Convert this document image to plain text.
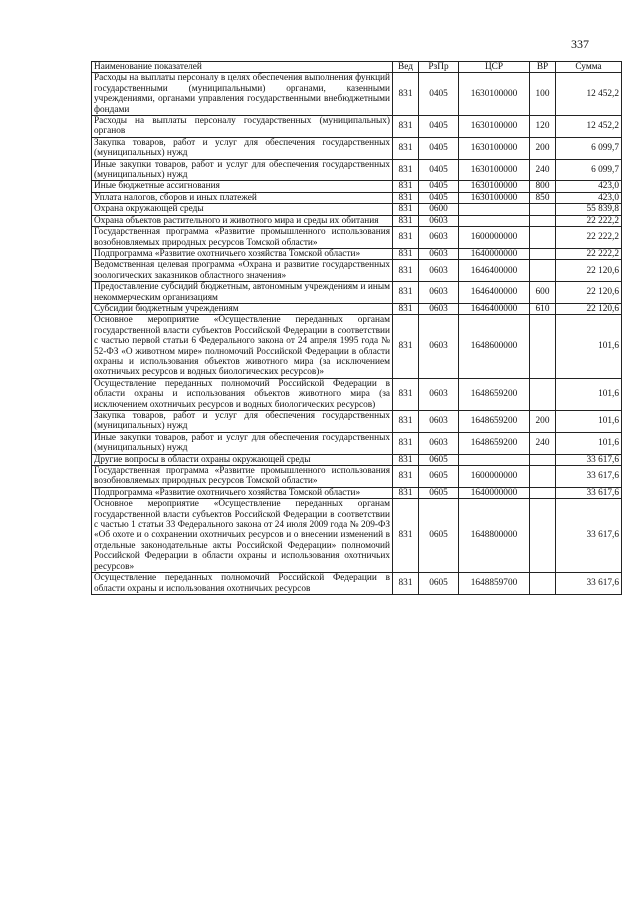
337
Наименование показателей	Вед	РзПр	ЦСР	ВР	Сумма
Расходы на выплаты персоналу в целях обеспечения выполнения функций государственными (муниципальными) органами, казенными учреждениями, органами управления государственными внебюджетными фондами	831	0405	1630100000	100	12 452,2
Расходы на выплаты персоналу государственных (муниципальных) органов	831	0405	1630100000	120	12 452,2
Закупка товаров, работ и услуг для обеспечения государственных (муниципальных) нужд	831	0405	1630100000	200	6 099,7
Иные закупки товаров, работ и услуг для обеспечения государственных (муниципальных) нужд	831	0405	1630100000	240	6 099,7
Иные бюджетные ассигнования	831	0405	1630100000	800	423,0
Уплата налогов, сборов и иных платежей	831	0405	1630100000	850	423,0
Охрана окружающей среды	831	0600			55 839,8
Охрана объектов растительного и животного мира и среды их обитания	831	0603			22 222,2
Государственная программа «Развитие промышленного использования возобновляемых природных ресурсов Томской области»	831	0603	1600000000		22 222,2
Подпрограмма «Развитие охотничьего хозяйства Томской области»	831	0603	1640000000		22 222,2
Ведомственная целевая программа «Охрана и развитие государственных зоологических заказников областного значения»	831	0603	1646400000		22 120,6
Предоставление субсидий бюджетным, автономным учреждениям и иным некоммерческим организациям	831	0603	1646400000	600	22 120,6
Субсидии бюджетным учреждениям	831	0603	1646400000	610	22 120,6
Основное мероприятие «Осуществление переданных органам государственной власти субъектов Российской Федерации в соответствии с частью первой статьи 6 Федерального закона от 24 апреля 1995 года № 52-ФЗ «О животном мире» полномочий Российской Федерации в области охраны и использования объектов животного мира (за исключением охотничьих ресурсов и водных биологических ресурсов)»	831	0603	1648600000		101,6
Осуществление переданных полномочий Российской Федерации в области охраны и использования объектов животного мира (за исключением охотничьих ресурсов и водных биологических ресурсов)	831	0603	1648659200		101,6
Закупка товаров, работ и услуг для обеспечения государственных (муниципальных) нужд	831	0603	1648659200	200	101,6
Иные закупки товаров, работ и услуг для обеспечения государственных (муниципальных) нужд	831	0603	1648659200	240	101,6
Другие вопросы в области охраны окружающей среды	831	0605			33 617,6
Государственная программа «Развитие промышленного использования возобновляемых природных ресурсов Томской области»	831	0605	1600000000		33 617,6
Подпрограмма «Развитие охотничьего хозяйства Томской области»	831	0605	1640000000		33 617,6
Основное мероприятие «Осуществление переданных органам государственной власти субъектов Российской Федерации в соответствии с частью 1 статьи 33 Федерального закона от 24 июля 2009 года № 209-ФЗ «Об охоте и о сохранении охотничьих ресурсов и о внесении изменений в отдельные законодательные акты Российской Федерации» полномочий Российской Федерации в области охраны и использования охотничьих ресурсов»	831	0605	1648800000		33 617,6
Осуществление переданных полномочий Российской Федерации в области охраны и использования охотничьих ресурсов	831	0605	1648859700		33 617,6
